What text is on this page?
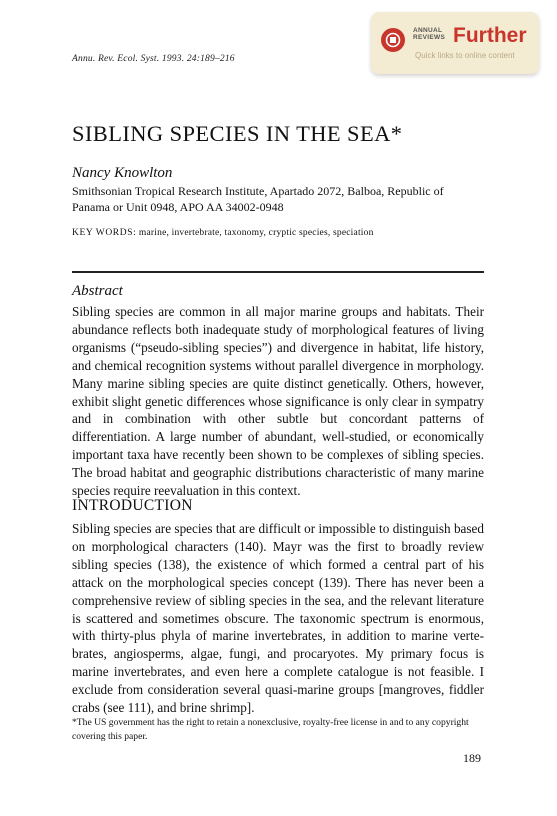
Annu. Rev. Ecol. Syst. 1993. 24:189–216
ANNUAL
REVIEWS Further
Quick links to online content
SIBLING SPECIES IN THE SEA*
Nancy Knowlton
Smithsonian Tropical Research Institute, Apartado 2072, Balboa, Republic of
Panama or Unit 0948, APO AA 34002-0948
KEY WORDS: marine, invertebrate, taxonomy, cryptic species, speciation
Abstract
Sibling species are common in all major marine groups and habitats. Their abundance reflects both inadequate study of morphological features of living organisms (“pseudo-sibling species”) and divergence in habitat, life history, and chemical recognition systems without parallel divergence in morphology. Many marine sibling species are quite distinct genetically. Others, however, exhibit slight genetic differences whose significance is only clear in sympatry and in combination with other subtle but concordant patterns of differentiation. A large number of abundant, well-studied, or economically important taxa have recently been shown to be complexes of sibling species. The broad habitat and geographic distributions characteristic of many marine species require reevaluation in this context.
INTRODUCTION
Sibling species are species that are difficult or impossible to distinguish based on morphological characters (140). Mayr was the first to broadly review sibling species (138), the existence of which formed a central part of his attack on the morphological species concept (139). There has never been a comprehensive review of sibling species in the sea, and the relevant literature is scattered and sometimes obscure. The taxonomic spectrum is enormous, with thirty-plus phyla of marine invertebrates, in addition to marine vertebrates, angiosperms, algae, fungi, and procaryotes. My primary focus is marine invertebrates, and even here a complete catalogue is not feasible. I exclude from consideration several quasi-marine groups [mangroves, fiddler crabs (see 111), and brine shrimp].
*The US government has the right to retain a nonexclusive, royalty-free license in and to any copyright covering this paper.
189
